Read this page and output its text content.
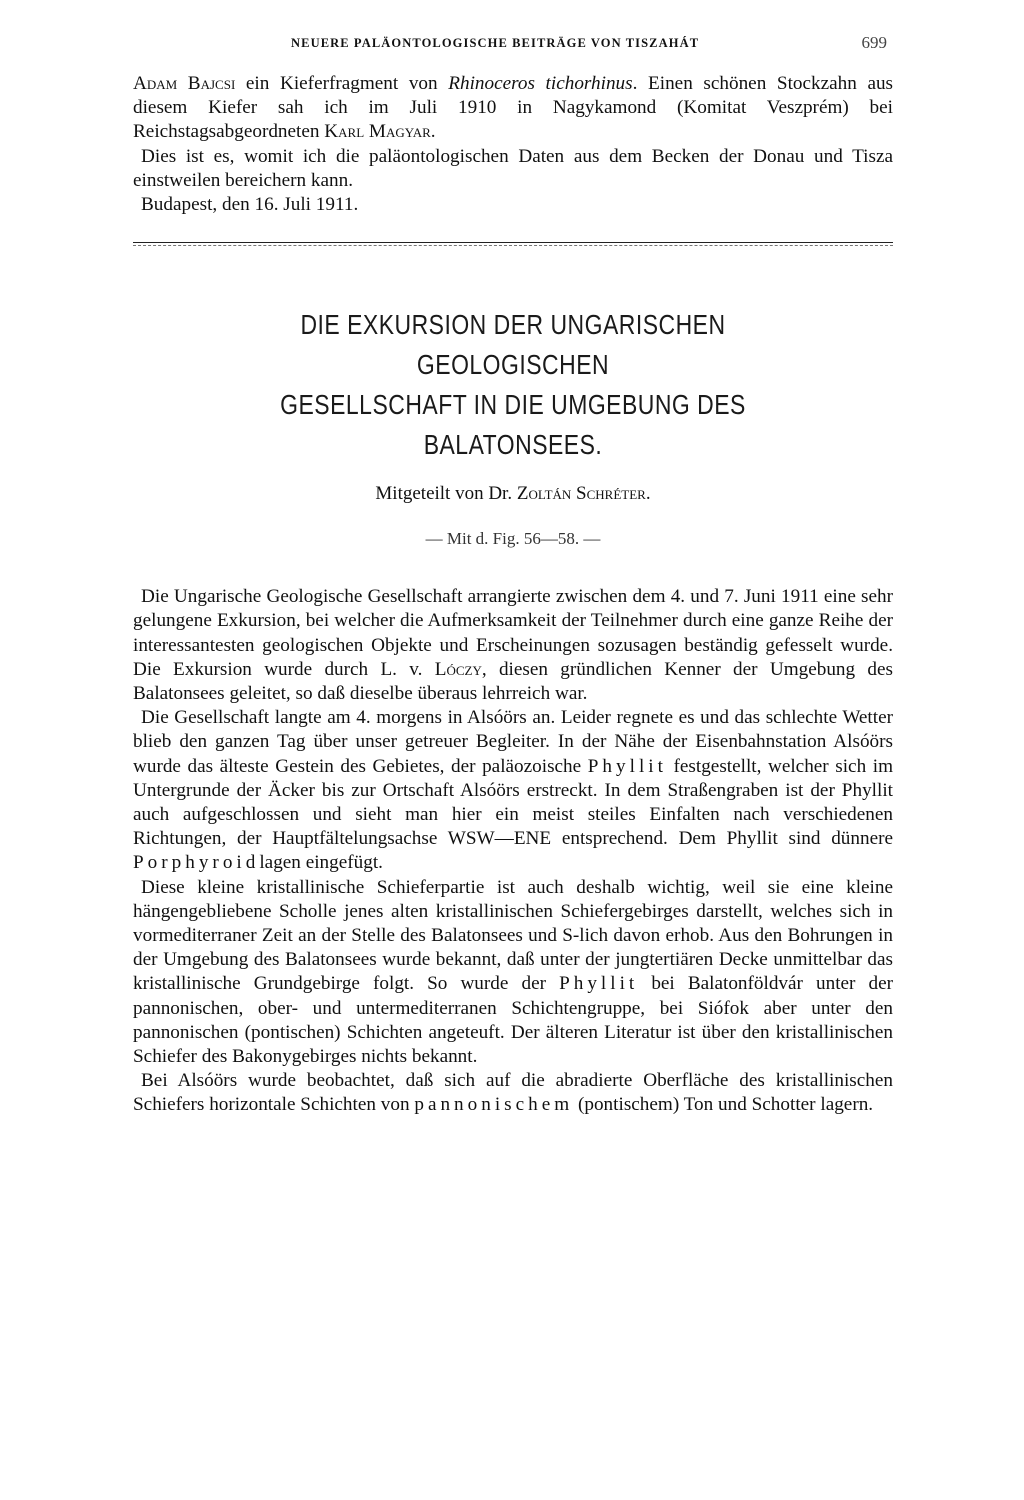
NEUERE PALÄONTOLOGISCHE BEITRÄGE VON TISZAHÁT	699

Adam Bajcsi ein Kieferfragment von Rhinoceros tichorhinus. Einen schönen Stockzahn aus diesem Kiefer sah ich im Juli 1910 in Nagykamond (Komitat Veszprém) bei Reichstagsabgeordneten Karl Magyar.

Dies ist es, womit ich die paläontologischen Daten aus dem Becken der Donau und Tisza einstweilen bereichern kann.

Budapest, den 16. Juli 1911.

DIE EXKURSION DER UNGARISCHEN GEOLOGISCHEN
GESELLSCHAFT IN DIE UMGEBUNG DES BALATONSEES.
Mitgeteilt von Dr. Zoltán Schréter.
— Mit d. Fig. 56—58. —

Die Ungarische Geologische Gesellschaft arrangierte zwischen dem 4. und 7. Juni 1911 eine sehr gelungene Exkursion, bei welcher die Aufmerksamkeit der Teilnehmer durch eine ganze Reihe der interessantesten geologischen Objekte und Erscheinungen sozusagen beständig gefesselt wurde. Die Exkursion wurde durch L. v. Lóczy, diesen gründlichen Kenner der Umgebung des Balatonsees geleitet, so daß dieselbe überaus lehrreich war.

Die Gesellschaft langte am 4. morgens in Alsóörs an. Leider regnete es und das schlechte Wetter blieb den ganzen Tag über unser getreuer Begleiter. In der Nähe der Eisenbahnstation Alsóörs wurde das älteste Gestein des Gebietes, der paläozoische Phyllit festgestellt, welcher sich im Untergrunde der Äcker bis zur Ortschaft Alsóörs erstreckt. In dem Straßengraben ist der Phyllit auch aufgeschlossen und sieht man hier ein meist steiles Einfalten nach verschiedenen Richtungen, der Hauptfältelungsachse WSW—ENE entsprechend. Dem Phyllit sind dünnere Porphyroidlagen eingefügt.

Diese kleine kristallinische Schieferpartie ist auch deshalb wichtig, weil sie eine kleine hängengebliebene Scholle jenes alten kristallinischen Schiefergebirges darstellt, welches sich in vormediterraner Zeit an der Stelle des Balatonsees und S-lich davon erhob. Aus den Bohrungen in der Umgebung des Balatonsees wurde bekannt, daß unter der jungtertiären Decke unmittelbar das kristallinische Grundgebirge folgt. So wurde der Phyllit bei Balatonföldvár unter der pannonischen, ober- und untermediterranen Schichtengruppe, bei Siófok aber unter den pannonischen (pontischen) Schichten angeteuft. Der älteren Literatur ist über den kristallinischen Schiefer des Bakonygebirges nichts bekannt.

Bei Alsóörs wurde beobachtet, daß sich auf die abradierte Oberfläche des kristallinischen Schiefers horizontale Schichten von pannonischem (pontischem) Ton und Schotter lagern.
